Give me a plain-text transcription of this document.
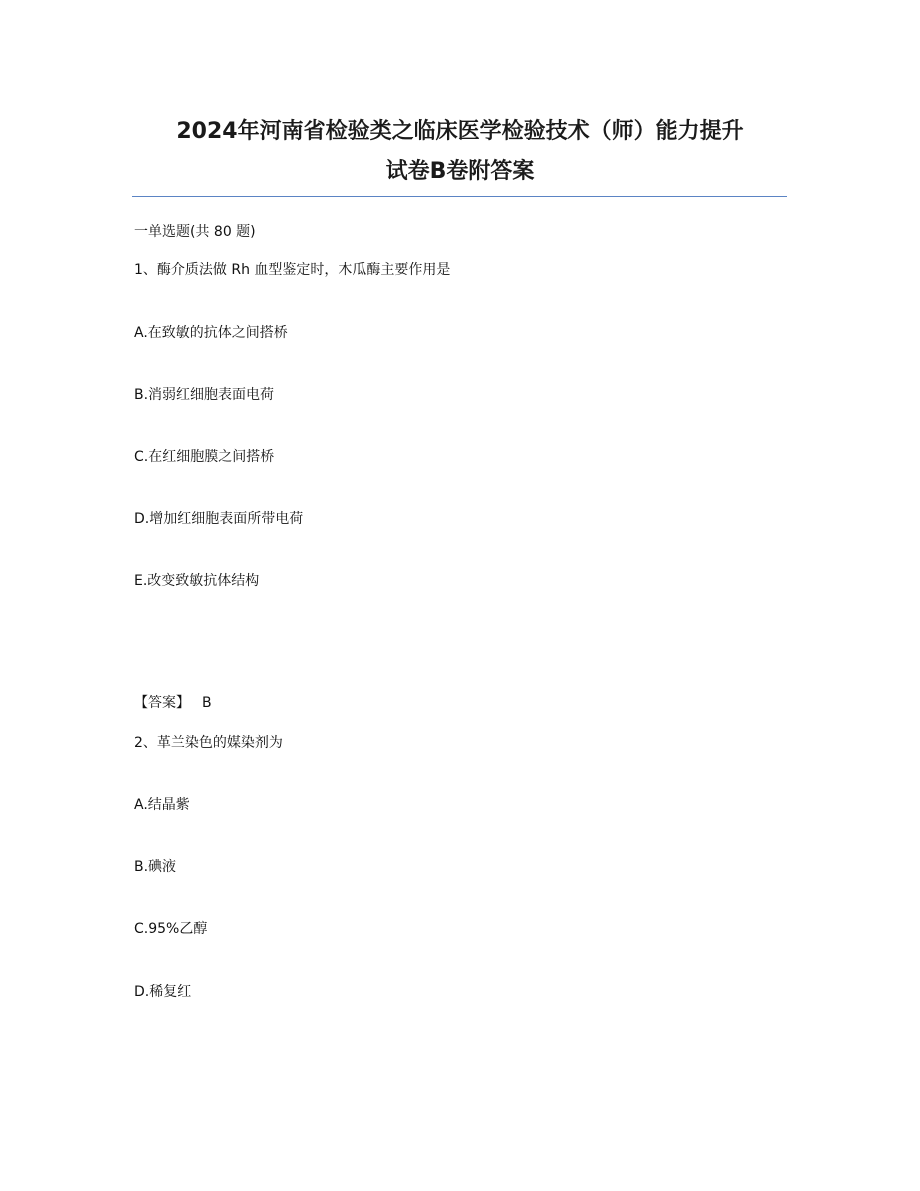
2024年河南省检验类之临床医学检验技术（师）能力提升
试卷B卷附答案
一单选题(共 80 题)
1、酶介质法做 Rh 血型鉴定时，木瓜酶主要作用是
A.在致敏的抗体之间搭桥
B.消弱红细胞表面电荷
C.在红细胞膜之间搭桥
D.增加红细胞表面所带电荷
E.改变致敏抗体结构
【答案】 B
2、革兰染色的媒染剂为
A.结晶紫
B.碘液
C.95%乙醇
D.稀复红
